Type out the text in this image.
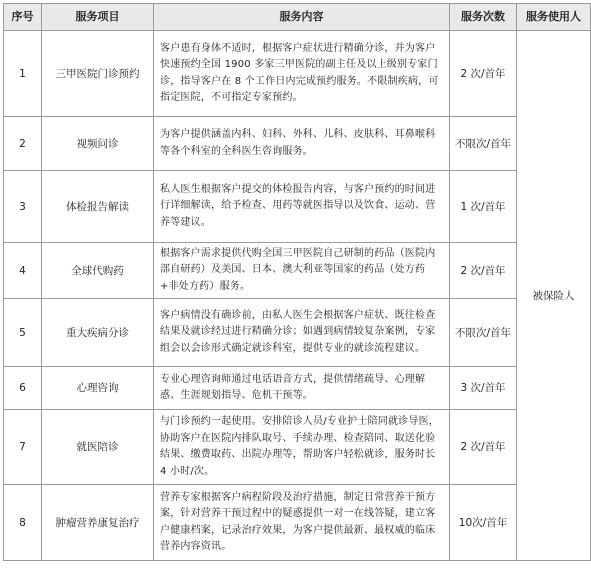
序号	服务项目	服务内容	服务次数	服务使用人
1	三甲医院门诊预约	客户患有身体不适时，根据客户症状进行精确分诊，并为客户快速预约全国 1900 多家三甲医院的副主任及以上级别专家门诊，指导客户在 8 个工作日内完成预约服务。不限制疾病，可指定医院，不可指定专家预约。	2 次/首年	被保险人
2	视频问诊	为客户提供涵盖内科、妇科、外科、儿科、皮肤科、耳鼻喉科等各个科室的全科医生咨询服务。	不限次/首年	
3	体检报告解读	私人医生根据客户提交的体检报告内容，与客户预约的时间进行详细解读，给予检查、用药等就医指导以及饮食、运动、营养等建议。	1 次/首年	
4	全球代购药	根据客户需求提供代购全国三甲医院自己研制的药品（医院内部自研药）及美国、日本、澳大利亚等国家的药品（处方药+非处方药）服务。	2 次/首年	
5	重大疾病分诊	客户病情没有确诊前，由私人医生会根据客户症状、既往检查结果及就诊经过进行精确分诊；如遇到病情较复杂案例，专家组会以会诊形式确定就诊科室，提供专业的就诊流程建议。	不限次/首年	
6	心理咨询	专业心理咨询师通过电话语音方式，提供情绪疏导、心理解惑、生涯规划指导、危机干预等。	3 次/首年	
7	就医陪诊	与门诊预约一起使用。安排陪诊人员/专业护士陪同就诊导医，协助客户在医院内排队取号、手续办理、检查陪同、取送化验结果、缴费取药、出院办理等，帮助客户轻松就诊，服务时长 4 小时/次。	2 次/首年	
8	肿瘤营养康复治疗	营养专家根据客户病程阶段及治疗措施，制定日常营养干预方案，针对营养干预过程中的疑惑提供一对一在线答疑，建立客户健康档案，记录治疗效果，为客户提供最新、最权威的临床营养内容资讯。	10次/首年	
